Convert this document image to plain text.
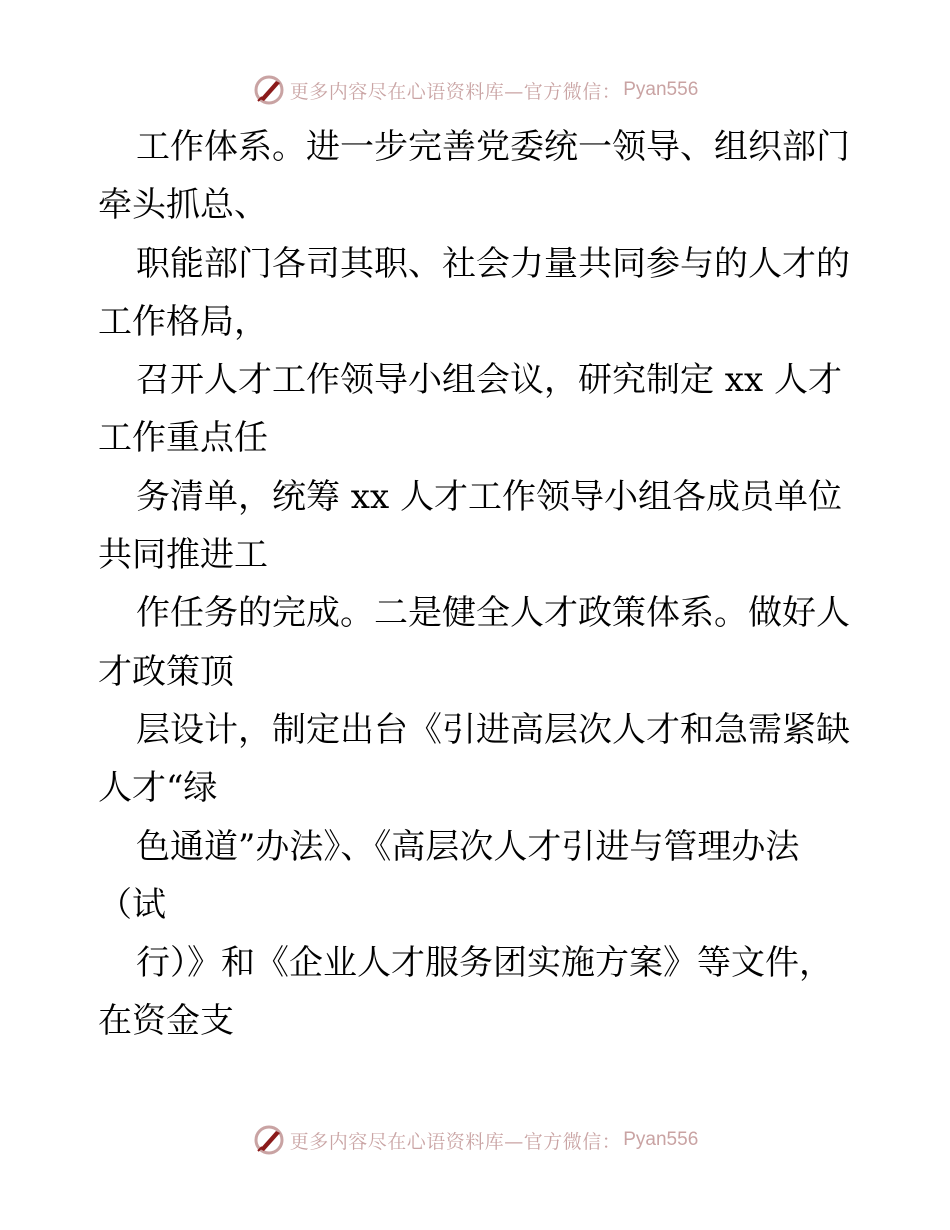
更多内容尽在心语资料库—官方微信： Pyan556
工作体系。进一步完善党委统一领导、组织部门
牵头抓总、
职能部门各司其职、社会力量共同参与的人才的
工作格局，
召开人才工作领导小组会议，研究制定 xx 人才
工作重点任
务清单，统筹 xx 人才工作领导小组各成员单位
共同推进工
作任务的完成。二是健全人才政策体系。做好人
才政策顶
层设计，制定出台《引进高层次人才和急需紧缺
人才“绿
色通道”办法》、《高层次人才引进与管理办法
（试
行）》和《企业人才服务团实施方案》等文件，
在资金支
更多内容尽在心语资料库—官方微信： Pyan556
